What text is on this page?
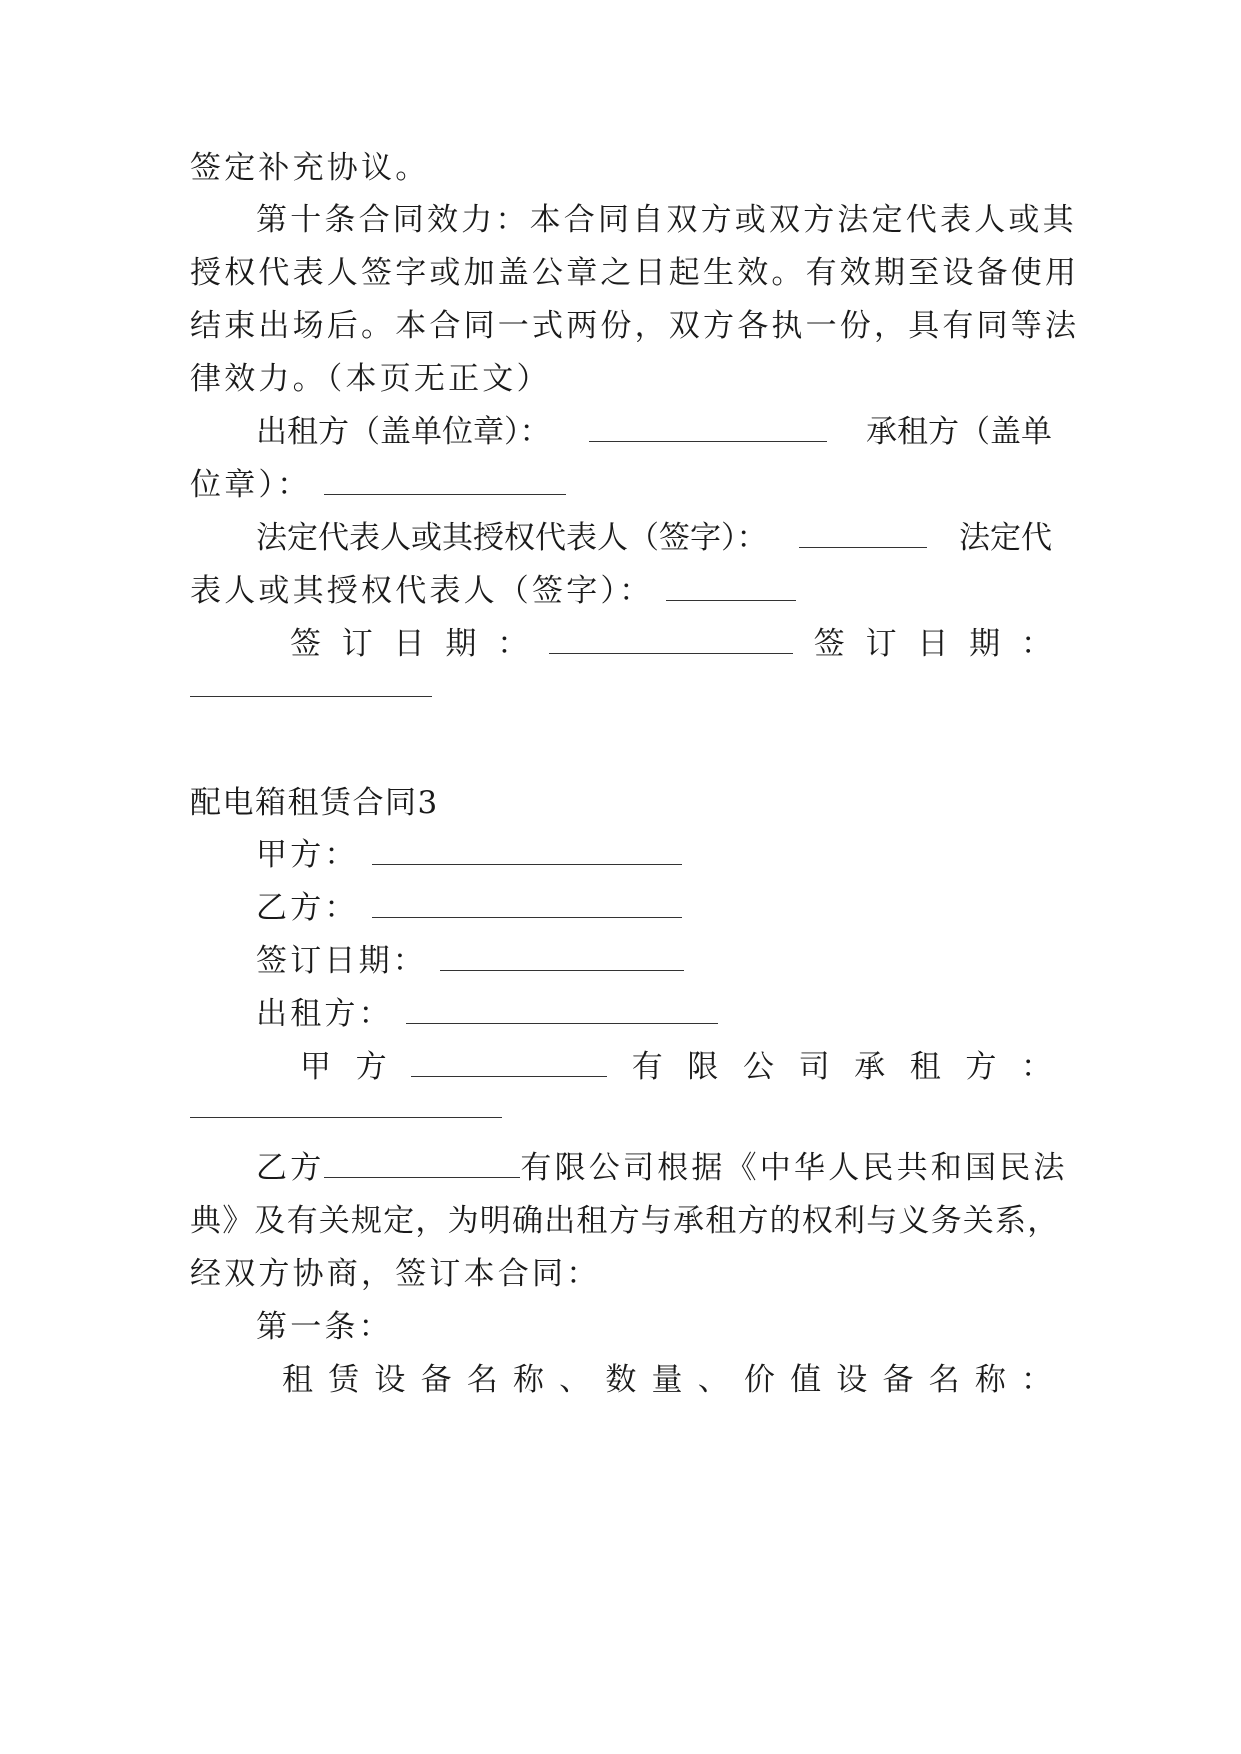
签定补充协议。
第十条合同效力：本合同自双方或双方法定代表人或其
授权代表人签字或加盖公章之日起生效。有效期至设备使用
结束出场后。本合同一式两份，双方各执一份，具有同等法
律效力。（本页无正文）
出租方（盖单位章）：	承租方（盖单
位章）：
法定代表人或其授权代表人（签字）：	法定代
表人或其授权代表人（签字）：
签 订 日 期 ：	签 订 日 期 ：
配电箱租赁合同3
甲方：
乙方：
签订日期：
出租方：
甲 方	有 限 公 司 承 租 方 ：
乙方	有限公司根据《中华人民共和国民法
典》及有关规定，为明确出租方与承租方的权利与义务关系，
经双方协商，签订本合同：
第一条：
租 赁 设 备 名 称 、 数 量 、 价 值 设 备 名 称 ：
